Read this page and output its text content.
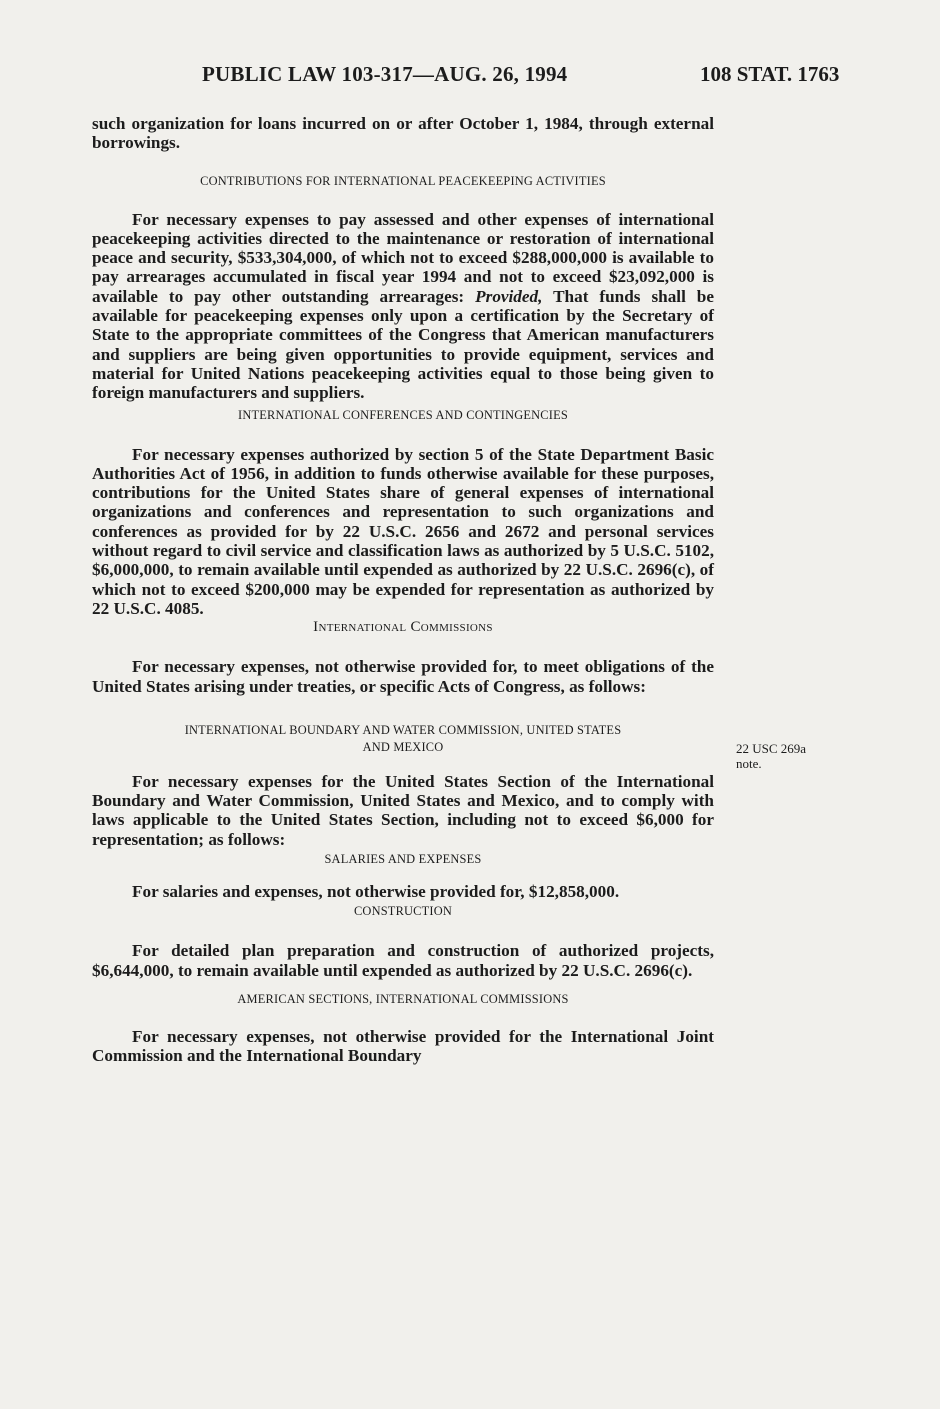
PUBLIC LAW 103-317—AUG. 26, 1994	108 STAT. 1763
22 USC 269a
note.

such organization for loans incurred on or after October 1, 1984, through external borrowings.

CONTRIBUTIONS FOR INTERNATIONAL PEACEKEEPING ACTIVITIES

For necessary expenses to pay assessed and other expenses of international peacekeeping activities directed to the maintenance or restoration of international peace and security, $533,304,000, of which not to exceed $288,000,000 is available to pay arrearages accumulated in fiscal year 1994 and not to exceed $23,092,000 is available to pay other outstanding arrearages: Provided, That funds shall be available for peacekeeping expenses only upon a certification by the Secretary of State to the appropriate committees of the Congress that American manufacturers and suppliers are being given opportunities to provide equipment, services and material for United Nations peacekeeping activities equal to those being given to foreign manufacturers and suppliers.

INTERNATIONAL CONFERENCES AND CONTINGENCIES

For necessary expenses authorized by section 5 of the State Department Basic Authorities Act of 1956, in addition to funds otherwise available for these purposes, contributions for the United States share of general expenses of international organizations and conferences and representation to such organizations and conferences as provided for by 22 U.S.C. 2656 and 2672 and personal services without regard to civil service and classification laws as authorized by 5 U.S.C. 5102, $6,000,000, to remain available until expended as authorized by 22 U.S.C. 2696(c), of which not to exceed $200,000 may be expended for representation as authorized by 22 U.S.C. 4085.

International Commissions

For necessary expenses, not otherwise provided for, to meet obligations of the United States arising under treaties, or specific Acts of Congress, as follows:

INTERNATIONAL BOUNDARY AND WATER COMMISSION, UNITED STATES
AND MEXICO

For necessary expenses for the United States Section of the International Boundary and Water Commission, United States and Mexico, and to comply with laws applicable to the United States Section, including not to exceed $6,000 for representation; as follows:

SALARIES AND EXPENSES

For salaries and expenses, not otherwise provided for, $12,858,000.

CONSTRUCTION

For detailed plan preparation and construction of authorized projects, $6,644,000, to remain available until expended as authorized by 22 U.S.C. 2696(c).

AMERICAN SECTIONS, INTERNATIONAL COMMISSIONS

For necessary expenses, not otherwise provided for the International Joint Commission and the International Boundary
